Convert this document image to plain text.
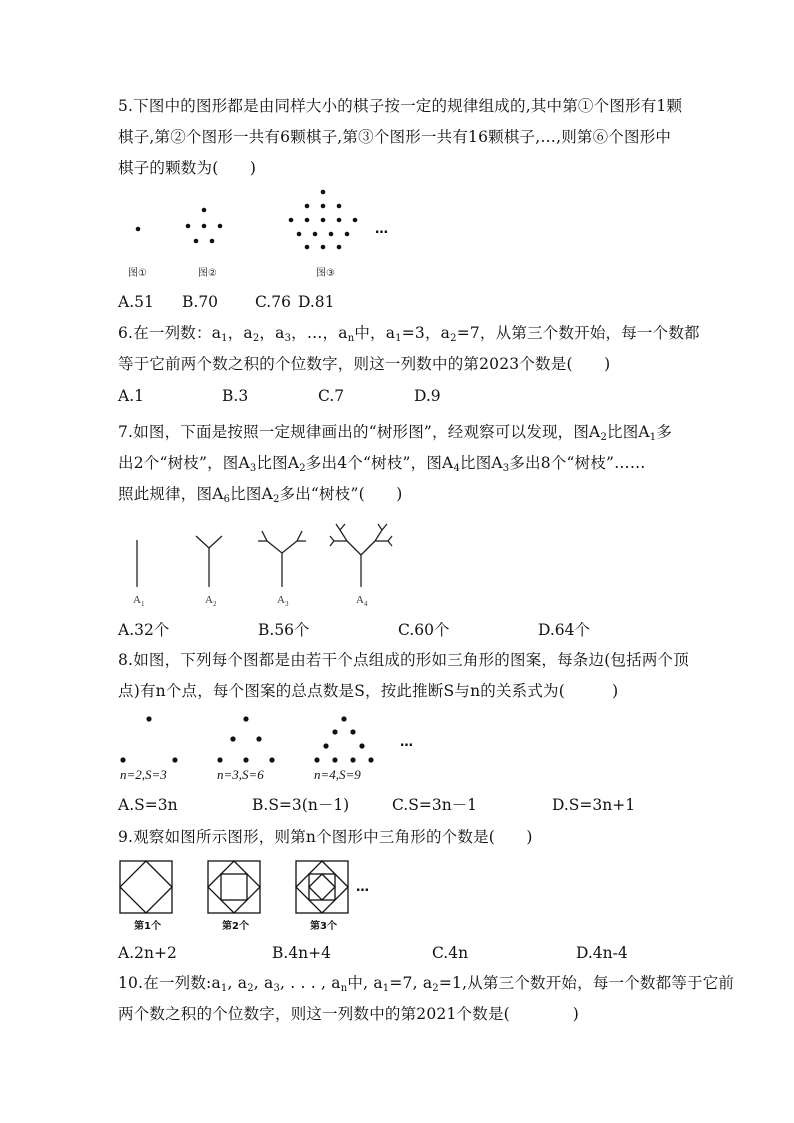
5.下图中的图形都是由同样大小的棋子按一定的规律组成的,其中第①个图形有1颗
棋子,第②个图形一共有6颗棋子,第③个图形一共有16颗棋子,…,则第⑥个图形中
棋子的颗数为(　　)
A.51 B.70 C.76 D.81
6.在一列数：$a_1$，$a_2$，$a_3$，…，$a_n$中，$a_1=3$，$a_2=7$，从第三个数开始，每一个数都
等于它前两个数之积的个位数字，则这一列数中的第2023个数是(　　)
A.1	B.3	C.7	D.9
7.如图，下面是按照一定规律画出的“树形图”，经观察可以发现，图$A_2$比图$A_1$多
出2个“树枝”，图$A_3$比图$A_2$多出4个“树枝”，图$A_4$比图$A_3$多出8个“树枝”……
照此规律，图$A_6$比图$A_2$多出“树枝”(　　)
A.32个	B.56个	C.60个	D.64个
8.如图，下列每个图都是由若干个点组成的形如三角形的图案，每条边(包括两个顶
点)有n个点，每个图案的总点数是S，按此推断S与n的关系式为(　　　)
A.S=3n	B.S=3(n－1)	C.S=3n－1	D.S=3n+1
9.观察如图所示图形，则第n个图形中三角形的个数是(　　)
A.2n+2	B.4n+4	C.4n	D.4n-4
10.在一列数$:a_1$, $a_2$, $a_3$, . . . , $a_n$中, $a_1=7$, $a_2=1$,从第三个数开始，每一个数都等于它前
两个数之积的个位数字，则这一列数中的第2021个数是(　　　　)
…
图①	图②	图③
$A_1$	$A_2$	$A_3$	$A_4$
…
n=2,S=3	n=3,S=6	n=4,S=9
…
第1个	第2个	第3个
